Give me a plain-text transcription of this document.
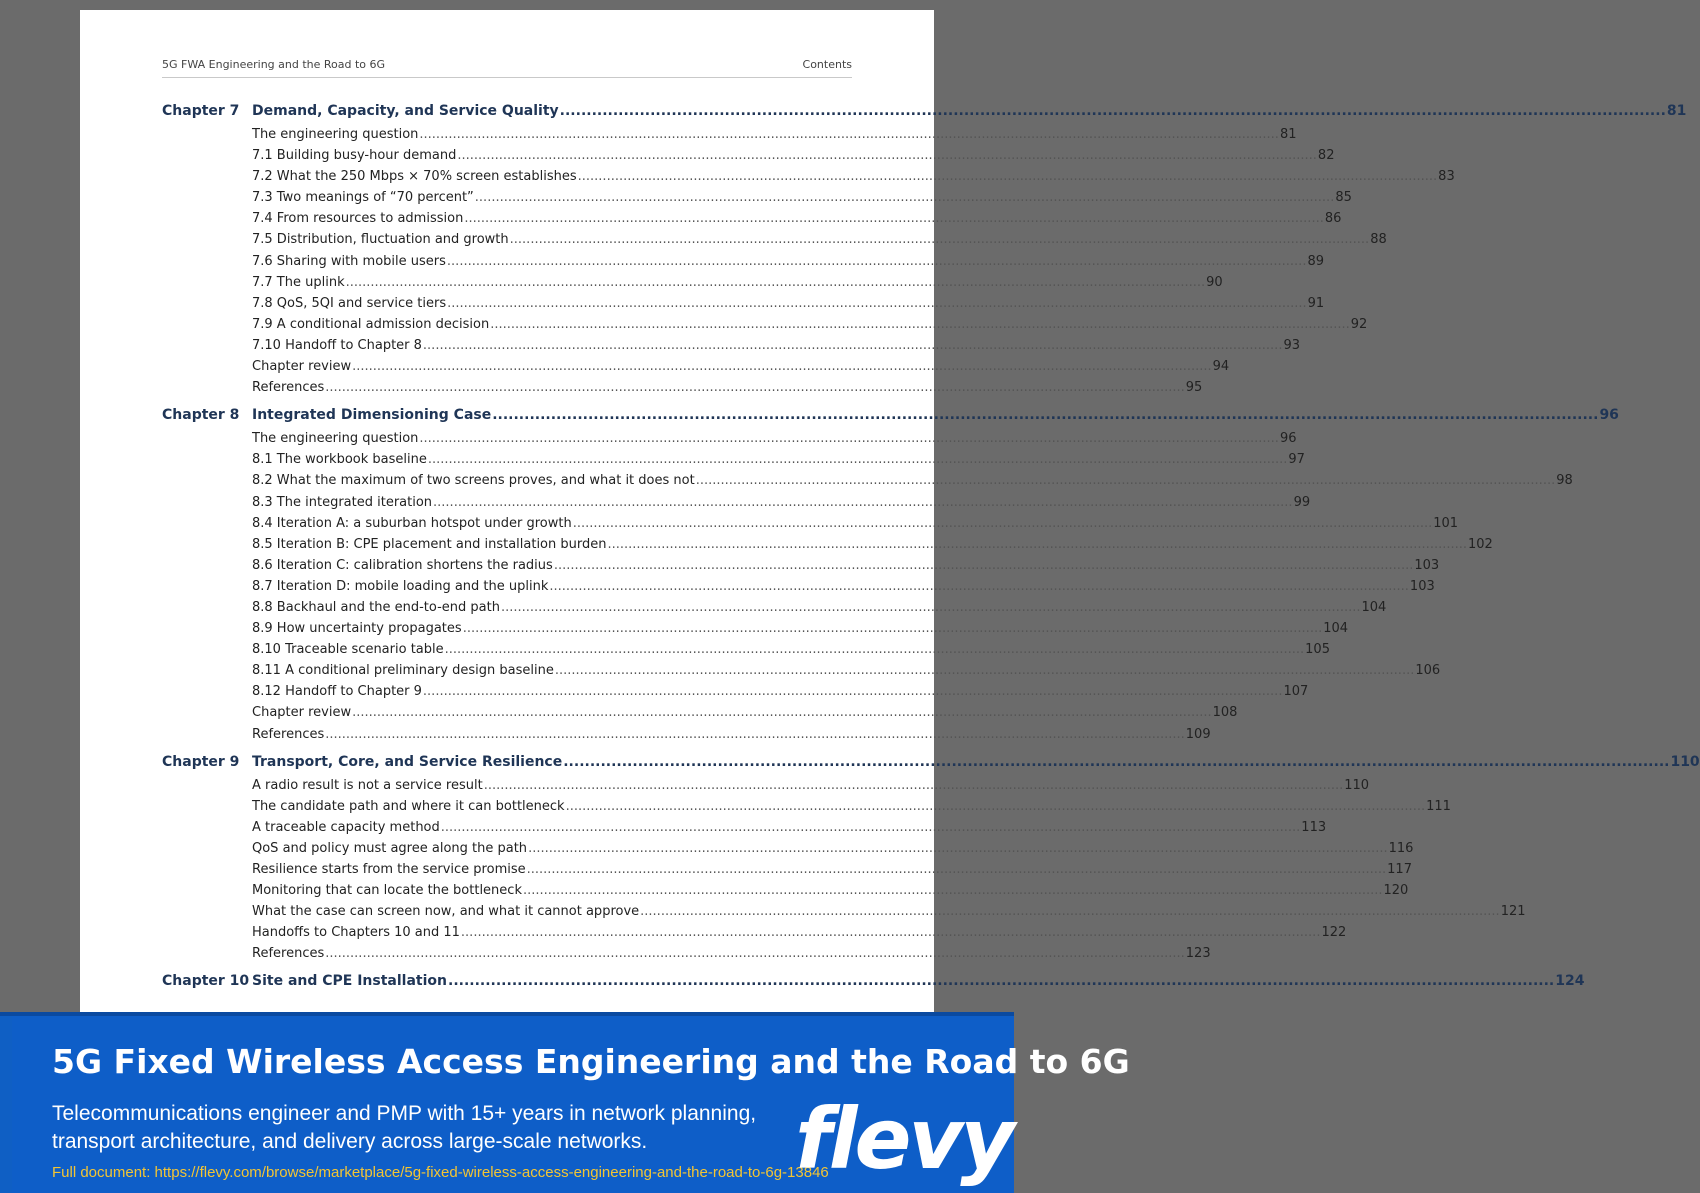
5G FWA Engineering and the Road to 6G	Contents
Chapter 7 Demand, Capacity, and Service Quality .....	81
The engineering question .....	81
7.1 Building busy-hour demand .....	82
7.2 What the 250 Mbps × 70% screen establishes .....	83
7.3 Two meanings of “70 percent” .....	85
7.4 From resources to admission .....	86
7.5 Distribution, fluctuation and growth .....	88
7.6 Sharing with mobile users .....	89
7.7 The uplink .....	90
7.8 QoS, 5QI and service tiers .....	91
7.9 A conditional admission decision .....	92
7.10 Handoff to Chapter 8 .....	93
Chapter review .....	94
References .....	95
Chapter 8 Integrated Dimensioning Case .....	96
The engineering question .....	96
8.1 The workbook baseline .....	97
8.2 What the maximum of two screens proves, and what it does not .....	98
8.3 The integrated iteration .....	99
8.4 Iteration A: a suburban hotspot under growth .....	101
8.5 Iteration B: CPE placement and installation burden .....	102
8.6 Iteration C: calibration shortens the radius .....	103
8.7 Iteration D: mobile loading and the uplink .....	103
8.8 Backhaul and the end-to-end path .....	104
8.9 How uncertainty propagates .....	104
8.10 Traceable scenario table .....	105
8.11 A conditional preliminary design baseline .....	106
8.12 Handoff to Chapter 9 .....	107
Chapter review .....	108
References .....	109
Chapter 9 Transport, Core, and Service Resilience .....	110
A radio result is not a service result .....	110
The candidate path and where it can bottleneck .....	111
A traceable capacity method .....	113
QoS and policy must agree along the path .....	116
Resilience starts from the service promise .....	117
Monitoring that can locate the bottleneck .....	120
What the case can screen now, and what it cannot approve .....	121
Handoffs to Chapters 10 and 11 .....	122
References .....	123
Chapter 10 Site and CPE Installation .....	124
5G Fixed Wireless Access Engineering and the Road to 6G
Telecommunications engineer and PMP with 15+ years in network planning,
transport architecture, and delivery across large-scale networks.
Full document: https://flevy.com/browse/marketplace/5g-fixed-wireless-access-engineering-and-the-road-to-6g-13846
flevy
